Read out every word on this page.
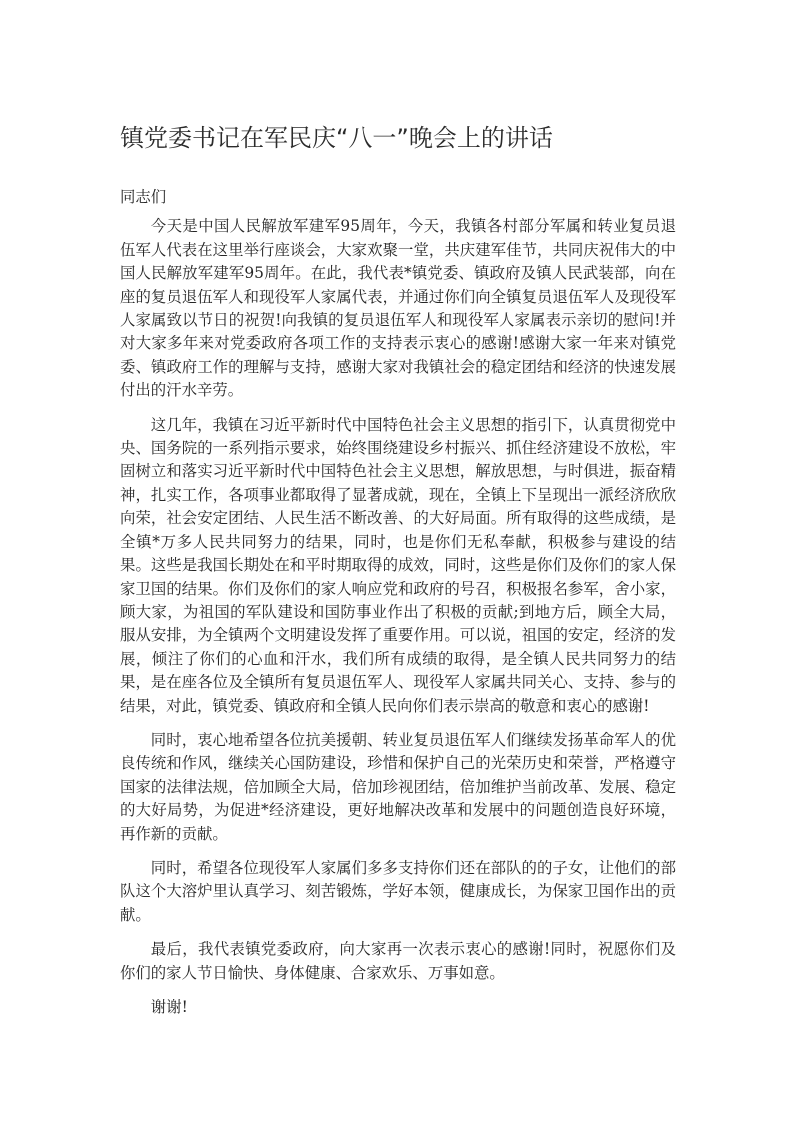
镇党委书记在军民庆“八一”晚会上的讲话

同志们

今天是中国人民解放军建军95周年，今天，我镇各村部分军属和转业复员退伍军人代表在这里举行座谈会，大家欢聚一堂，共庆建军佳节，共同庆祝伟大的中国人民解放军建军95周年。在此，我代表*镇党委、镇政府及镇人民武装部，向在座的复员退伍军人和现役军人家属代表，并通过你们向全镇复员退伍军人及现役军人家属致以节日的祝贺!向我镇的复员退伍军人和现役军人家属表示亲切的慰问!并对大家多年来对党委政府各项工作的支持表示衷心的感谢!感谢大家一年来对镇党委、镇政府工作的理解与支持，感谢大家对我镇社会的稳定团结和经济的快速发展付出的汗水辛劳。

这几年，我镇在习近平新时代中国特色社会主义思想的指引下，认真贯彻党中央、国务院的一系列指示要求，始终围绕建设乡村振兴、抓住经济建设不放松，牢固树立和落实习近平新时代中国特色社会主义思想，解放思想，与时俱进，振奋精神，扎实工作，各项事业都取得了显著成就，现在，全镇上下呈现出一派经济欣欣向荣，社会安定团结、人民生活不断改善、的大好局面。所有取得的这些成绩，是全镇*万多人民共同努力的结果，同时，也是你们无私奉献，积极参与建设的结果。这些是我国长期处在和平时期取得的成效，同时，这些是你们及你们的家人保家卫国的结果。你们及你们的家人响应党和政府的号召，积极报名参军，舍小家，顾大家，为祖国的军队建设和国防事业作出了积极的贡献;到地方后，顾全大局，服从安排，为全镇两个文明建设发挥了重要作用。可以说，祖国的安定，经济的发展，倾注了你们的心血和汗水，我们所有成绩的取得，是全镇人民共同努力的结果，是在座各位及全镇所有复员退伍军人、现役军人家属共同关心、支持、参与的结果，对此，镇党委、镇政府和全镇人民向你们表示崇高的敬意和衷心的感谢!

同时，衷心地希望各位抗美援朝、转业复员退伍军人们继续发扬革命军人的优良传统和作风，继续关心国防建设，珍惜和保护自己的光荣历史和荣誉，严格遵守国家的法律法规，倍加顾全大局，倍加珍视团结，倍加维护当前改革、发展、稳定的大好局势，为促进*经济建设，更好地解决改革和发展中的问题创造良好环境，再作新的贡献。

同时，希望各位现役军人家属们多多支持你们还在部队的的子女，让他们的部队这个大溶炉里认真学习、刻苦锻炼，学好本领，健康成长，为保家卫国作出的贡献。

最后，我代表镇党委政府，向大家再一次表示衷心的感谢!同时，祝愿你们及你们的家人节日愉快、身体健康、合家欢乐、万事如意。

谢谢!
